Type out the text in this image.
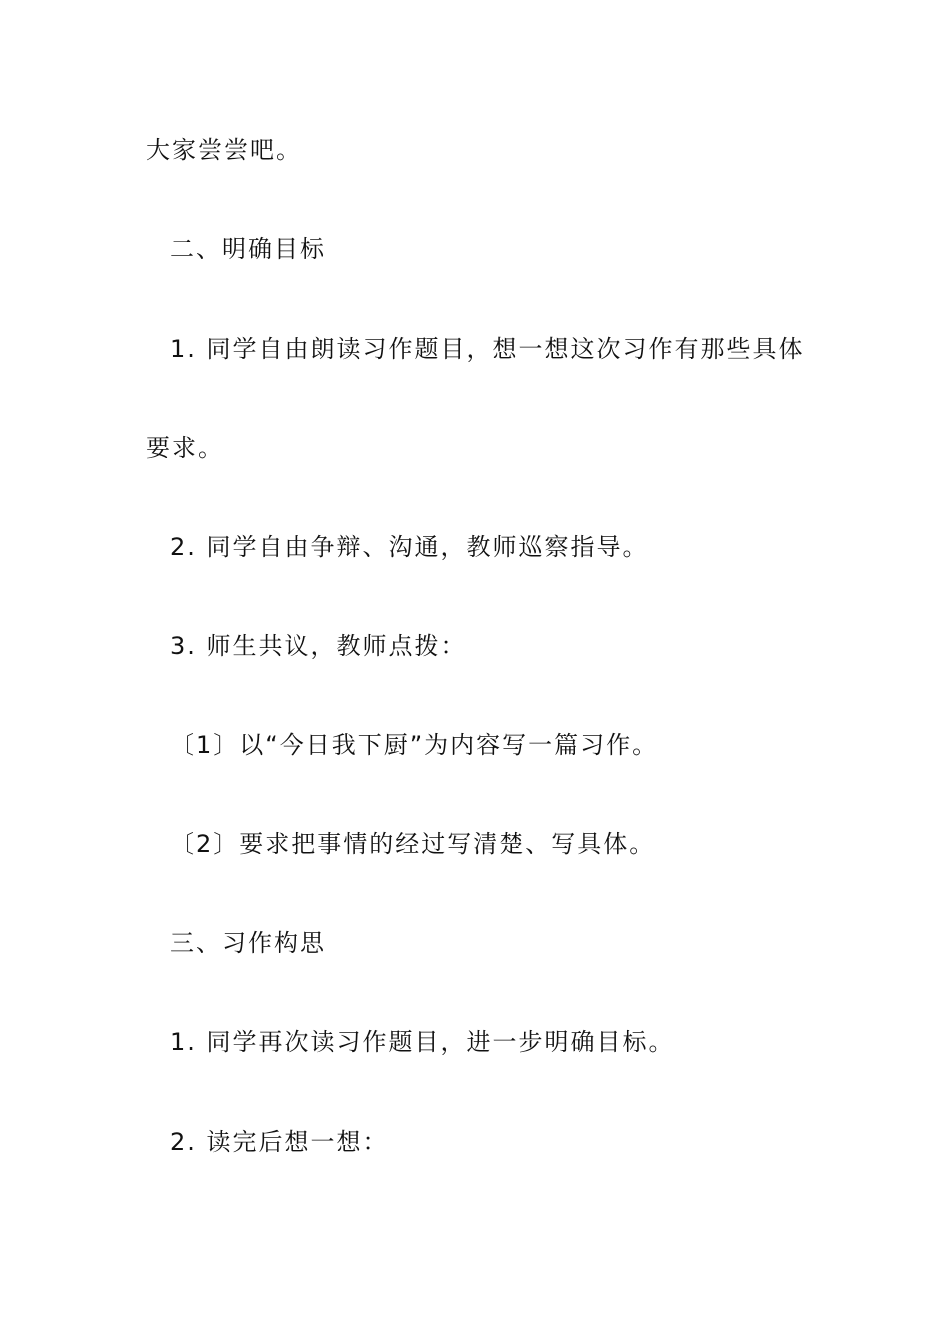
大家尝尝吧。
二、明确目标
1. 同学自由朗读习作题目，想一想这次习作有那些具体
要求。
2. 同学自由争辩、沟通，教师巡察指导。
3. 师生共议，教师点拨：
〔1〕以“今日我下厨”为内容写一篇习作。
〔2〕要求把事情的经过写清楚、写具体。
三、习作构思
1. 同学再次读习作题目，进一步明确目标。
2. 读完后想一想：
